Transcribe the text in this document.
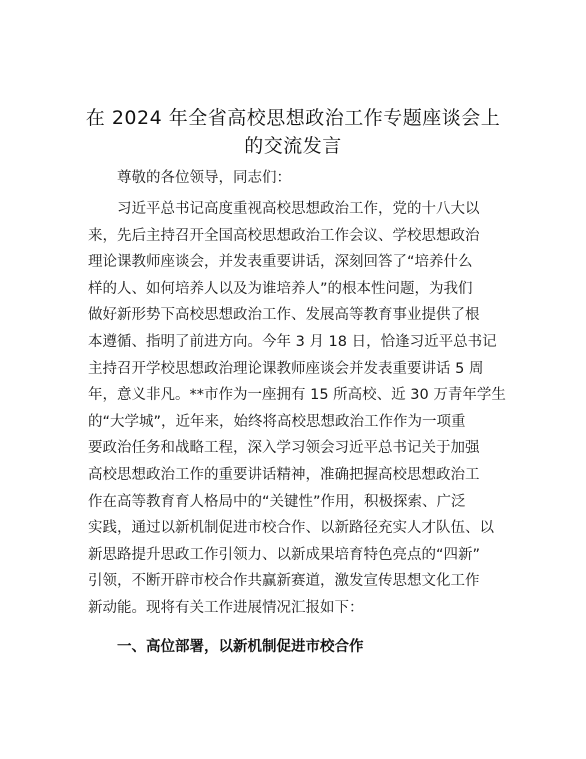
在 2024 年全省高校思想政治工作专题座谈会上
的交流发言
尊敬的各位领导，同志们：
习近平总书记高度重视高校思想政治工作，党的十八大以
来，先后主持召开全国高校思想政治工作会议、学校思想政治
理论课教师座谈会，并发表重要讲话，深刻回答了“培养什么
样的人、如何培养人以及为谁培养人”的根本性问题，为我们
做好新形势下高校思想政治工作、发展高等教育事业提供了根
本遵循、指明了前进方向。今年 3 月 18 日，恰逢习近平总书记
主持召开学校思想政治理论课教师座谈会并发表重要讲话 5 周
年，意义非凡。**市作为一座拥有 15 所高校、近 30 万青年学生
的“大学城”，近年来，始终将高校思想政治工作作为一项重
要政治任务和战略工程，深入学习领会习近平总书记关于加强
高校思想政治工作的重要讲话精神，准确把握高校思想政治工
作在高等教育育人格局中的“关键性”作用，积极探索、广泛
实践，通过以新机制促进市校合作、以新路径充实人才队伍、以
新思路提升思政工作引领力、以新成果培育特色亮点的“四新”
引领，不断开辟市校合作共赢新赛道，激发宣传思想文化工作
新动能。现将有关工作进展情况汇报如下：
一、高位部署，以新机制促进市校合作
